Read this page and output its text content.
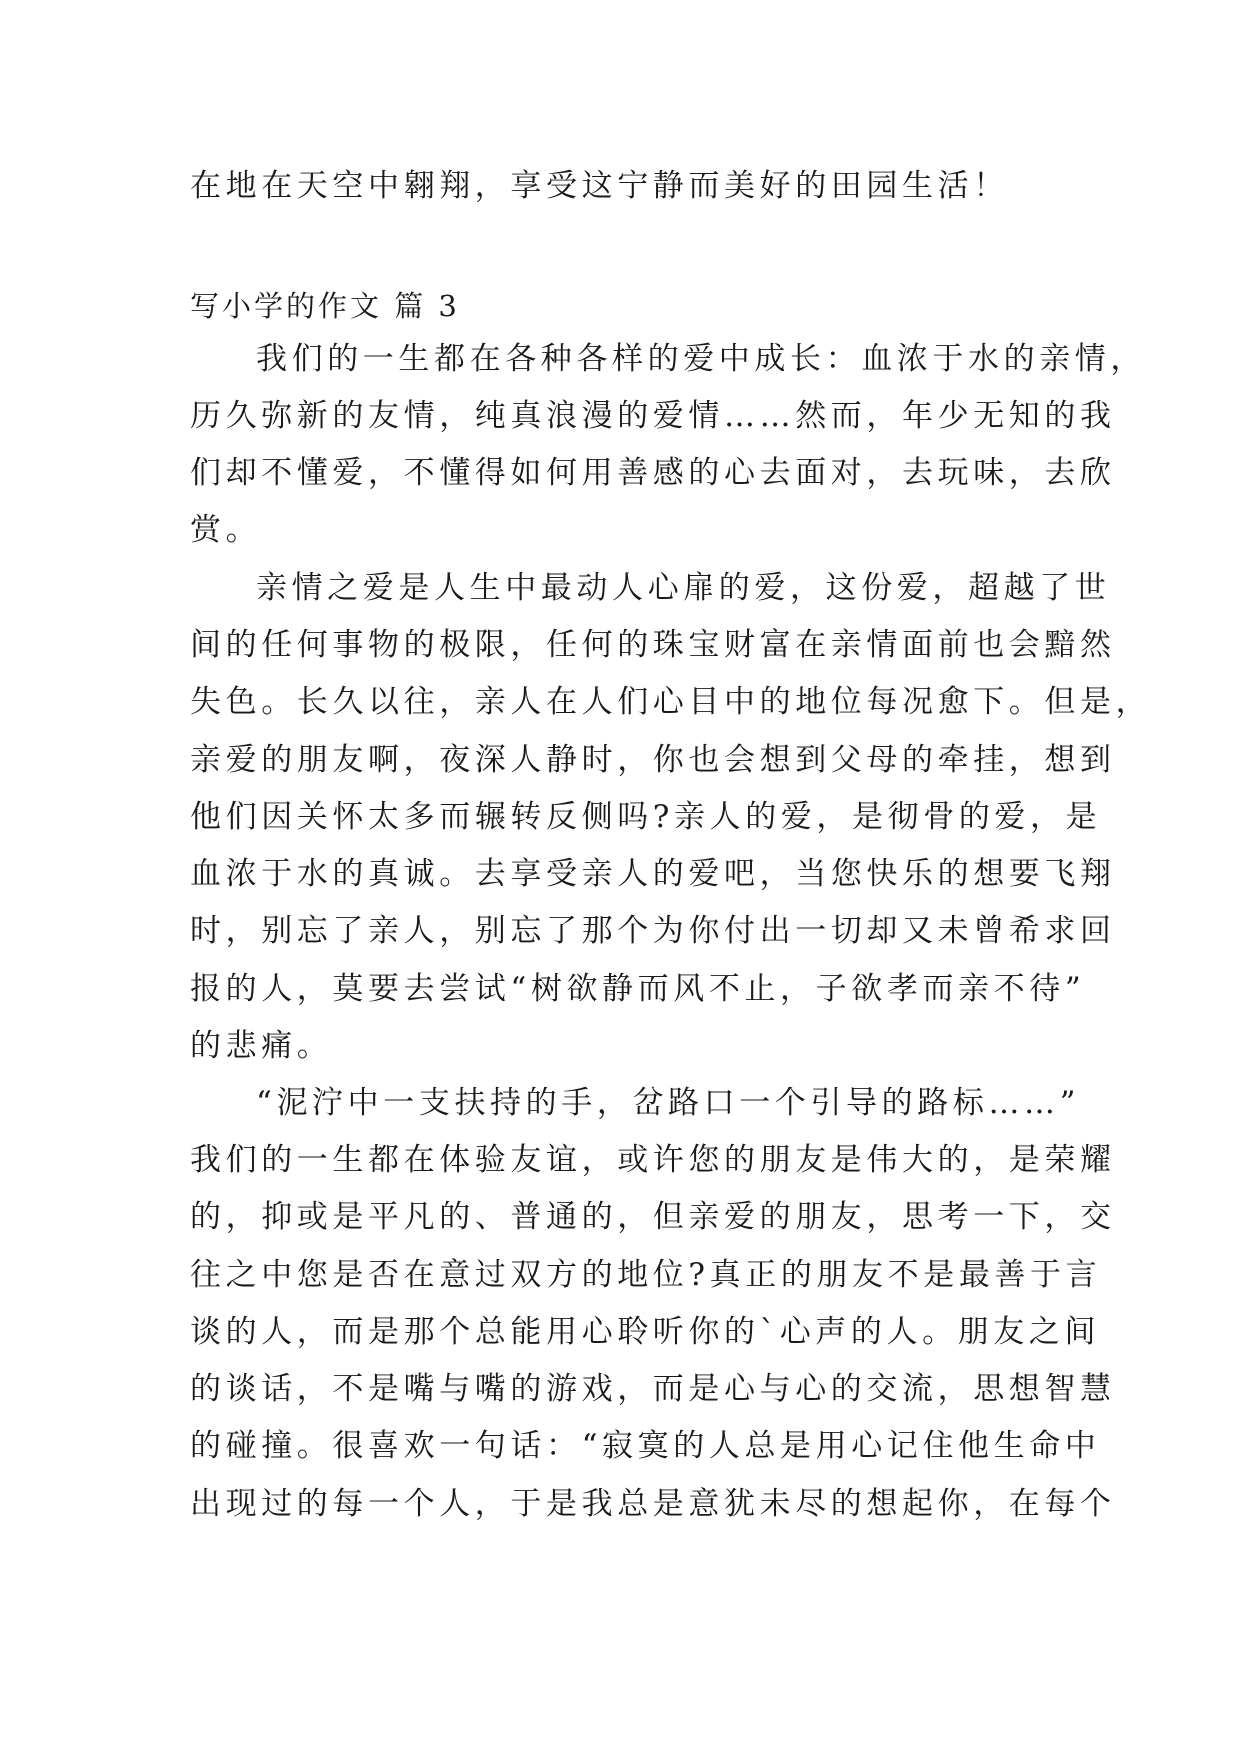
在地在天空中翱翔，享受这宁静而美好的田园生活！
写小学的作文 篇 3
我们的一生都在各种各样的爱中成长：血浓于水的亲情，
历久弥新的友情，纯真浪漫的爱情……然而，年少无知的我
们却不懂爱，不懂得如何用善感的心去面对，去玩味，去欣
赏。
亲情之爱是人生中最动人心扉的爱，这份爱，超越了世
间的任何事物的极限，任何的珠宝财富在亲情面前也会黯然
失色。长久以往，亲人在人们心目中的地位每况愈下。但是，
亲爱的朋友啊，夜深人静时，你也会想到父母的牵挂，想到
他们因关怀太多而辗转反侧吗?亲人的爱，是彻骨的爱，是
血浓于水的真诚。去享受亲人的爱吧，当您快乐的想要飞翔
时，别忘了亲人，别忘了那个为你付出一切却又未曾希求回
报的人，莫要去尝试“树欲静而风不止，子欲孝而亲不待”
的悲痛。
“泥泞中一支扶持的手，岔路口一个引导的路标……”
我们的一生都在体验友谊，或许您的朋友是伟大的，是荣耀
的，抑或是平凡的、普通的，但亲爱的朋友，思考一下，交
往之中您是否在意过双方的地位?真正的朋友不是最善于言
谈的人，而是那个总能用心聆听你的`心声的人。朋友之间
的谈话，不是嘴与嘴的游戏，而是心与心的交流，思想智慧
的碰撞。很喜欢一句话：“寂寞的人总是用心记住他生命中
出现过的每一个人，于是我总是意犹未尽的想起你，在每个
